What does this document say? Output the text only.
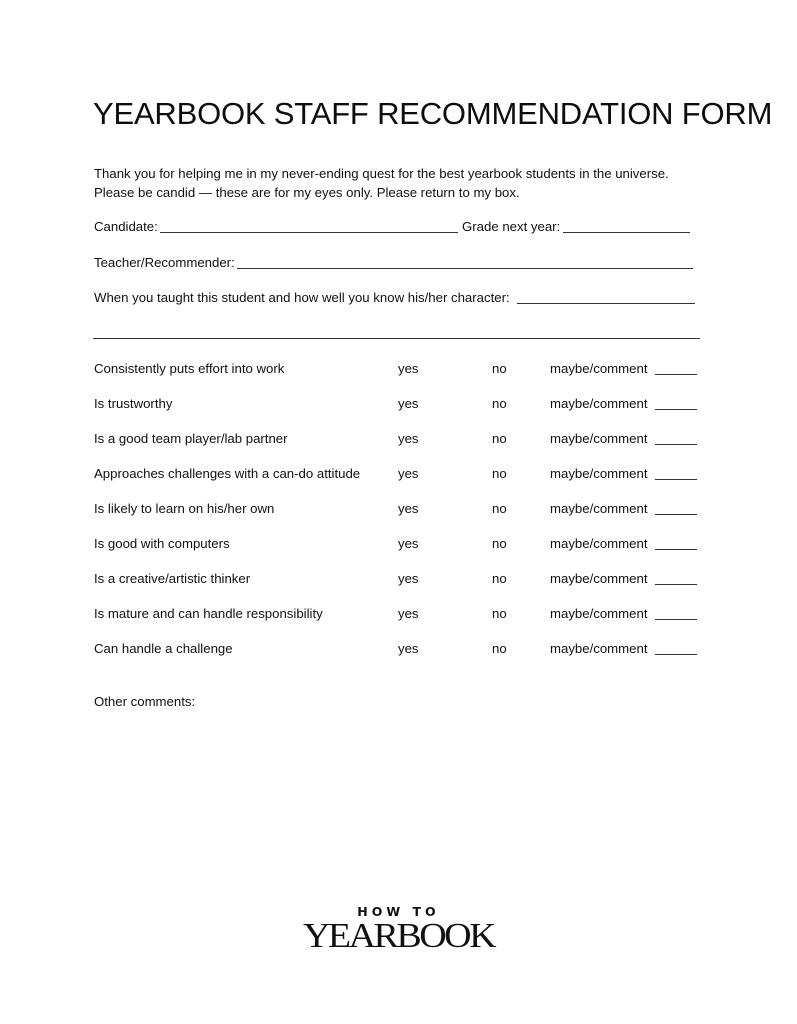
YEARBOOK STAFF RECOMMENDATION FORM
Thank you for helping me in my never-ending quest for the best yearbook students in the universe.
Please be candid — these are for my eyes only. Please return to my box.
Candidate:	Grade next year:
Teacher/Recommender:
When you taught this student and how well you know his/her character:
Consistently puts effort into work	yes	no	maybe/comment
Is trustworthy	yes	no	maybe/comment
Is a good team player/lab partner	yes	no	maybe/comment
Approaches challenges with a can-do attitude	yes	no	maybe/comment
Is likely to learn on his/her own	yes	no	maybe/comment
Is good with computers	yes	no	maybe/comment
Is a creative/artistic thinker	yes	no	maybe/comment
Is mature and can handle responsibility	yes	no	maybe/comment
Can handle a challenge	yes	no	maybe/comment
Other comments:
HOW TO
YEARBOOK
